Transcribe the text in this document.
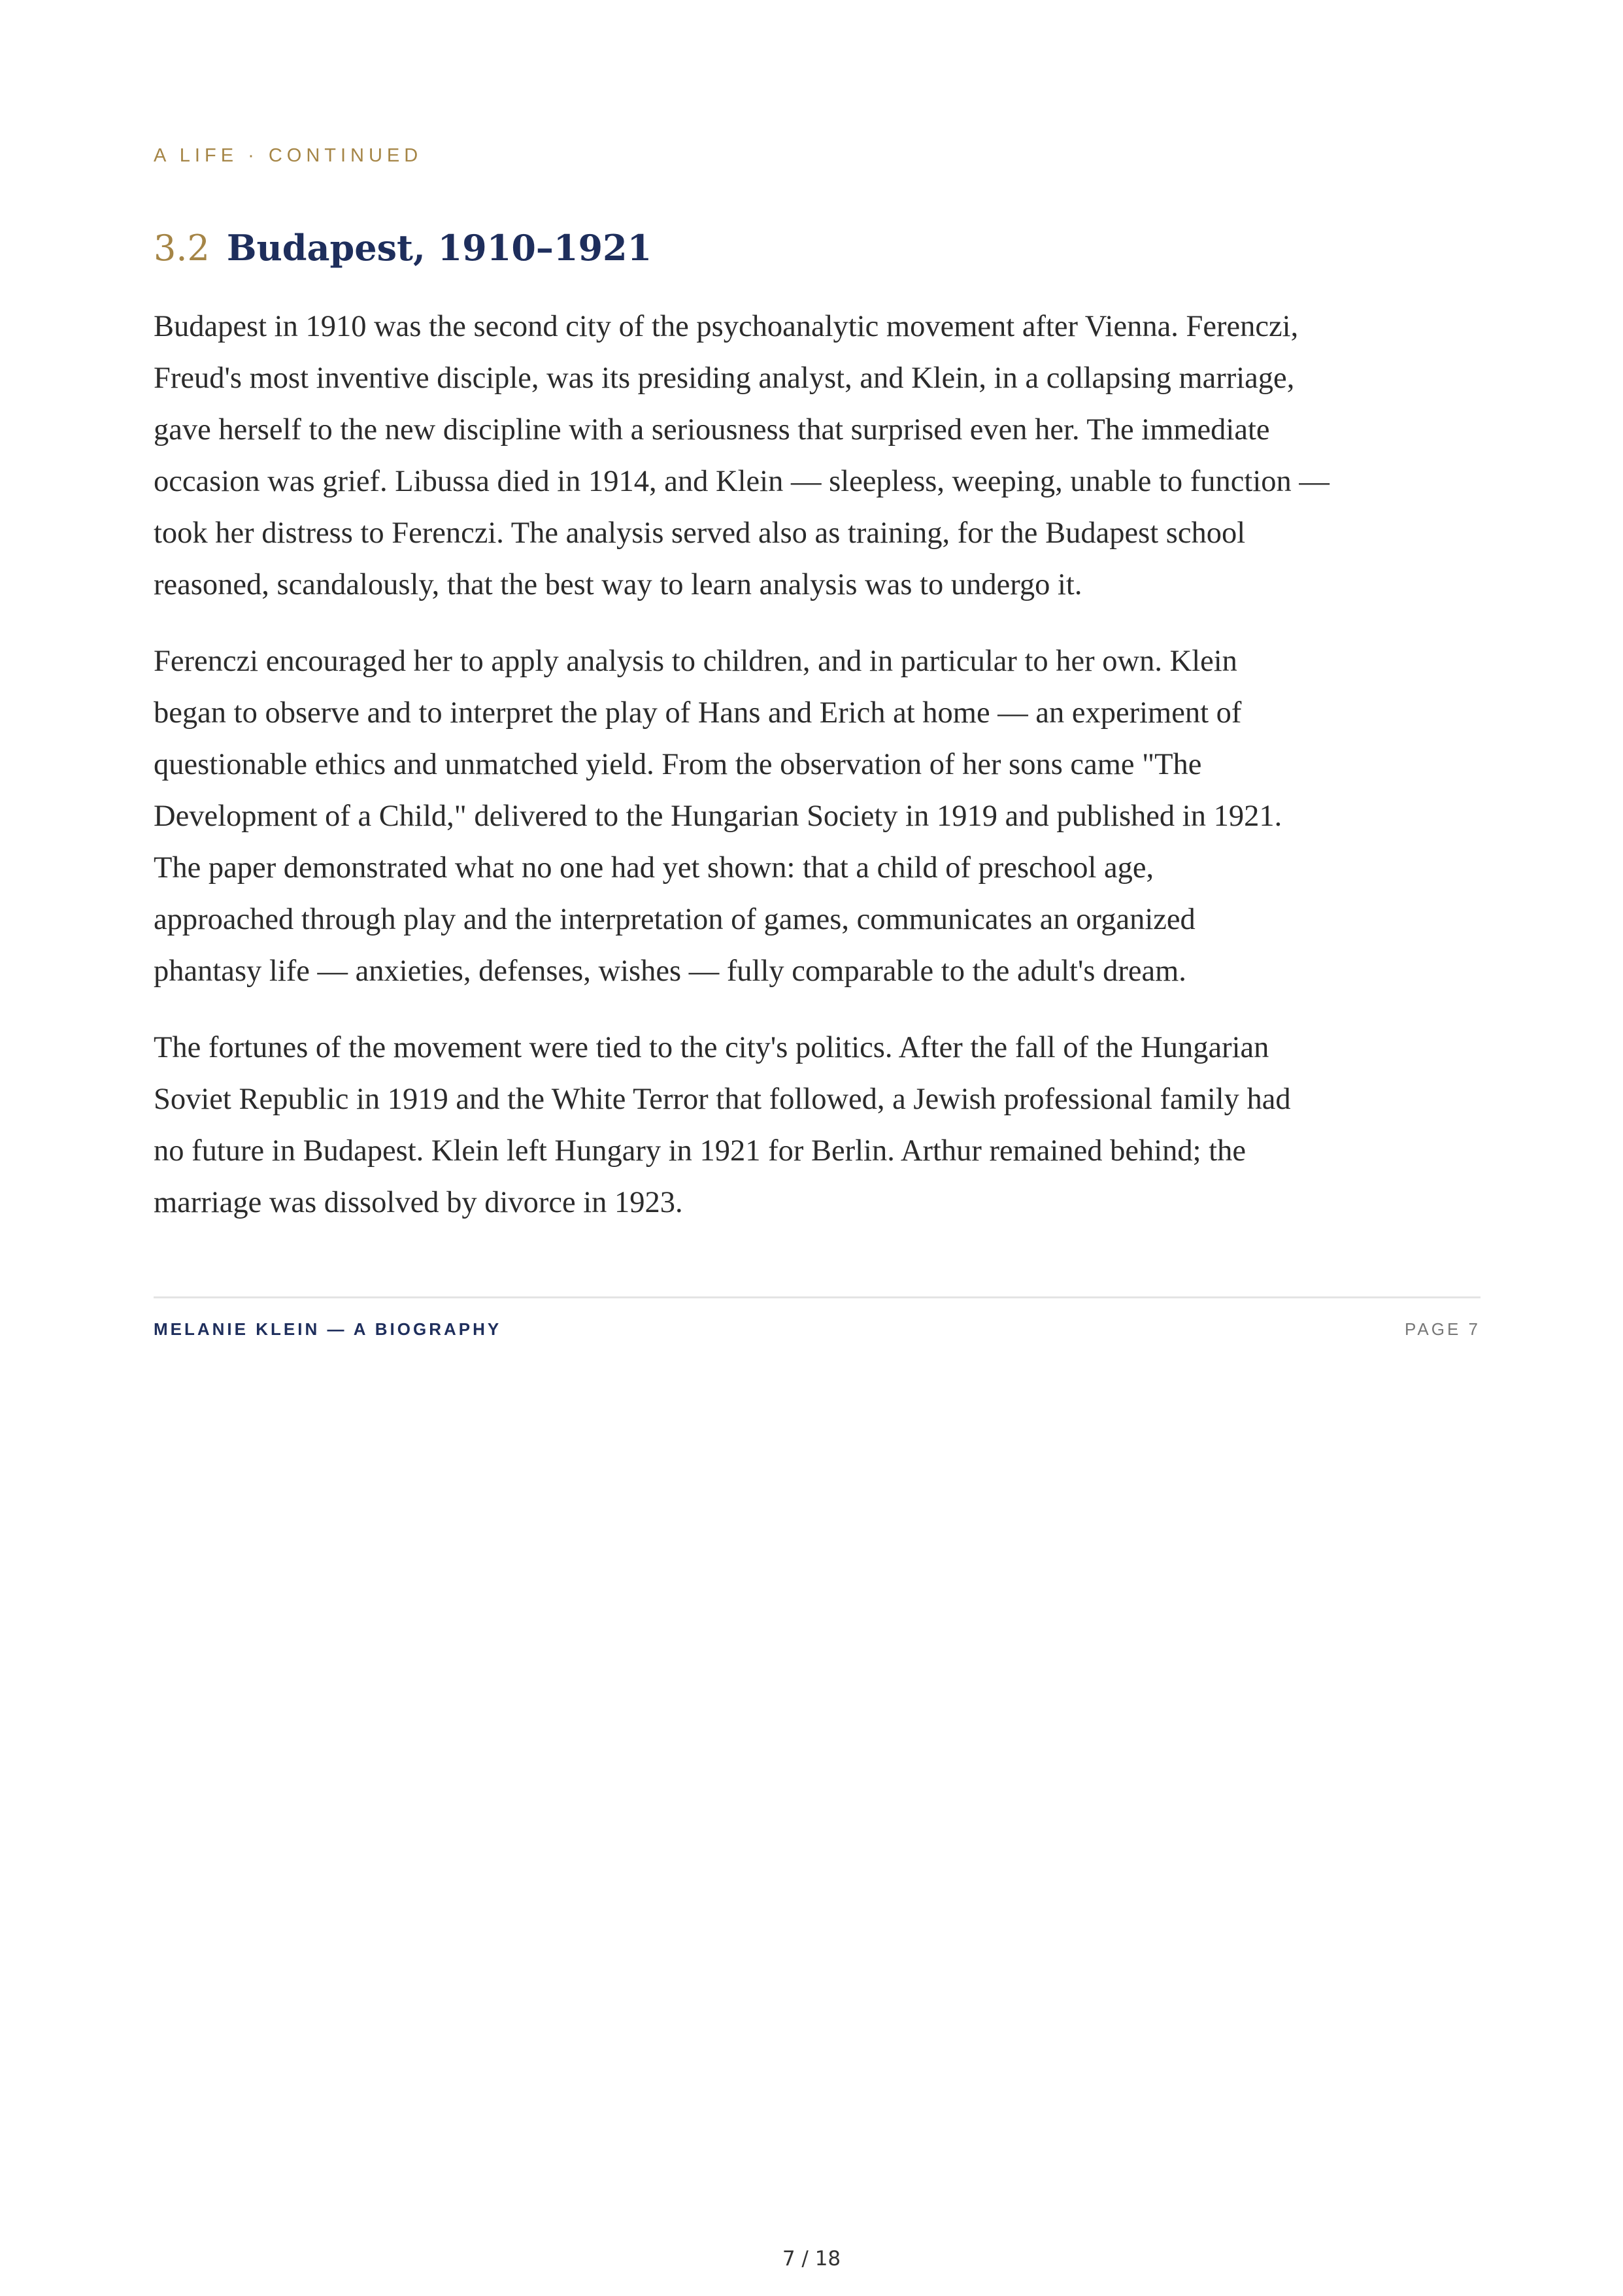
A LIFE · CONTINUED
3.2 Budapest, 1910–1921

Budapest in 1910 was the second city of the psychoanalytic movement after Vienna. Ferenczi,
Freud's most inventive disciple, was its presiding analyst, and Klein, in a collapsing marriage,
gave herself to the new discipline with a seriousness that surprised even her. The immediate
occasion was grief. Libussa died in 1914, and Klein — sleepless, weeping, unable to function —
took her distress to Ferenczi. The analysis served also as training, for the Budapest school
reasoned, scandalously, that the best way to learn analysis was to undergo it.

Ferenczi encouraged her to apply analysis to children, and in particular to her own. Klein
began to observe and to interpret the play of Hans and Erich at home — an experiment of
questionable ethics and unmatched yield. From the observation of her sons came "The
Development of a Child," delivered to the Hungarian Society in 1919 and published in 1921.
The paper demonstrated what no one had yet shown: that a child of preschool age,
approached through play and the interpretation of games, communicates an organized
phantasy life — anxieties, defenses, wishes — fully comparable to the adult's dream.

The fortunes of the movement were tied to the city's politics. After the fall of the Hungarian
Soviet Republic in 1919 and the White Terror that followed, a Jewish professional family had
no future in Budapest. Klein left Hungary in 1921 for Berlin. Arthur remained behind; the
marriage was dissolved by divorce in 1923.

MELANIE KLEIN — A BIOGRAPHY	PAGE 7
7 / 18
